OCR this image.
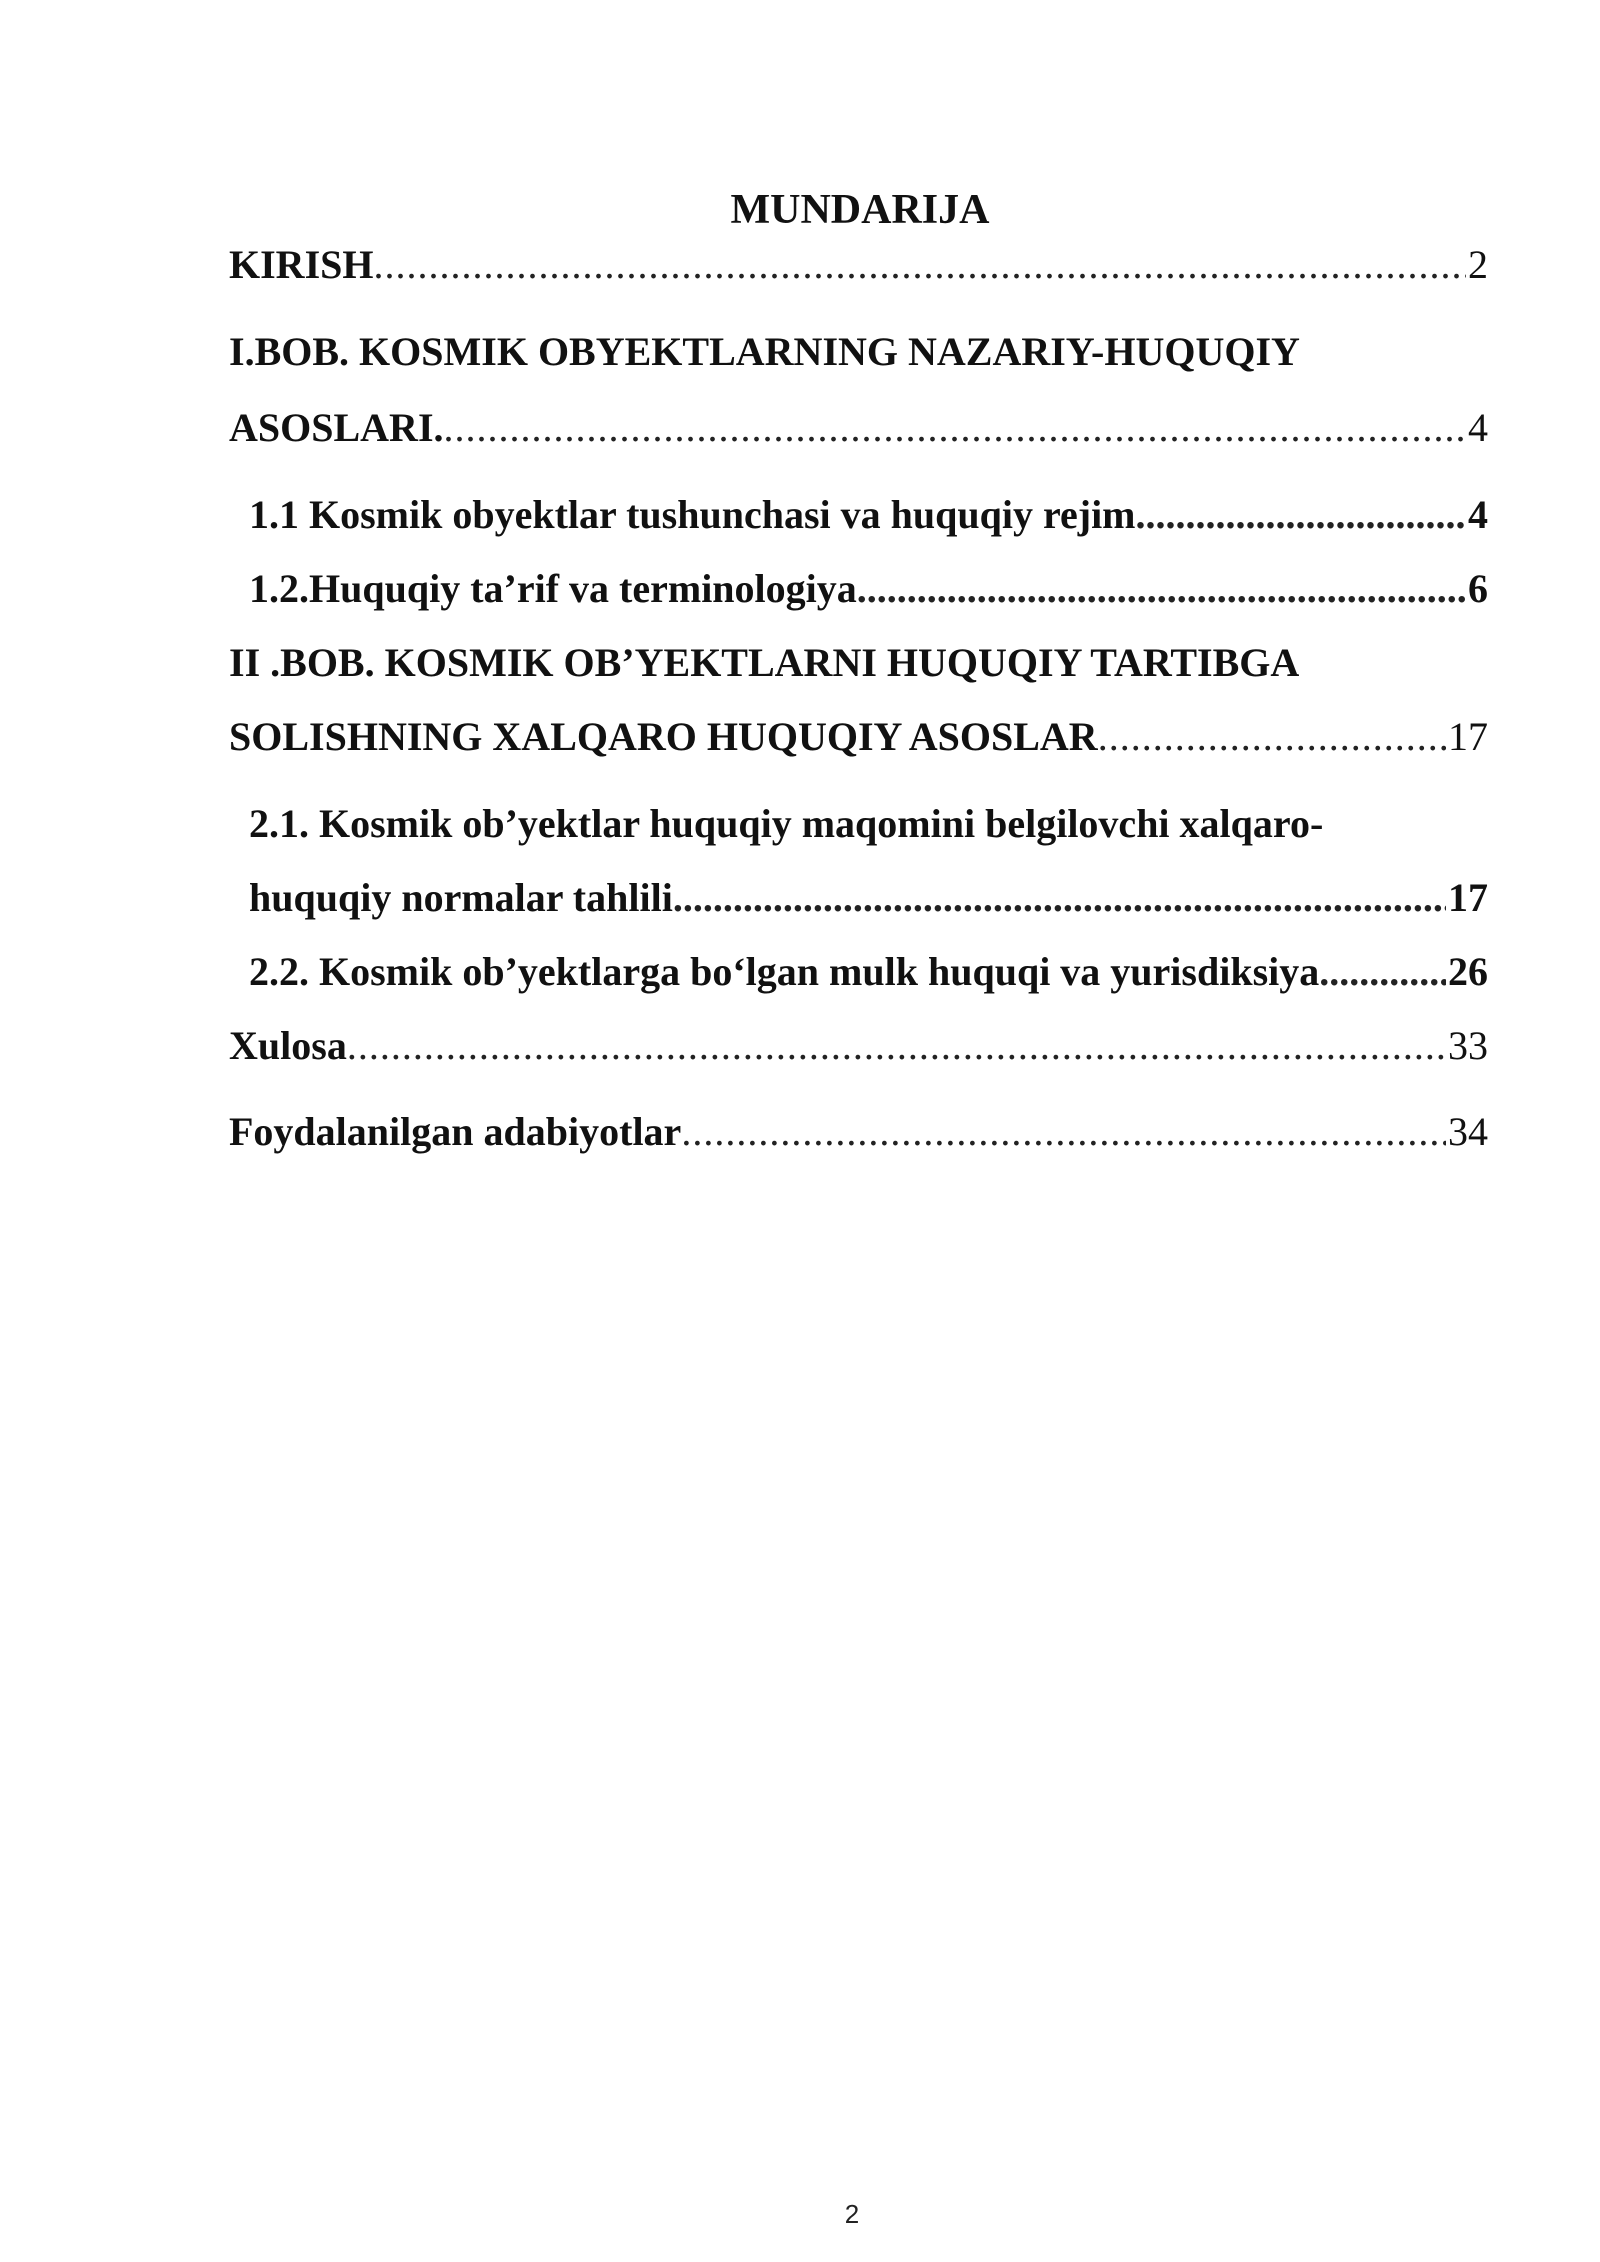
MUNDARIJA
KIRISH .....	2
I.BOB. KOSMIK OBYEKTLARNING NAZARIY-HUQUQIY
ASOSLARI. .....	4
1.1 Kosmik obyektlar tushunchasi va huquqiy rejim .....	4
1.2.Huquqiy ta’rif va terminologiya .....	6
II .BOB. KOSMIK OB’YEKTLARNI HUQUQIY TARTIBGA
SOLISHNING XALQARO HUQUQIY ASOSLAR .....	17
2.1. Kosmik ob’yektlar huquqiy maqomini belgilovchi xalqaro-
huquqiy normalar tahlili .....	17
2.2. Kosmik ob’yektlarga bo‘lgan mulk huquqi va yurisdiksiya .....	26
Xulosa .....	33
Foydalanilgan adabiyotlar .....	34
2
